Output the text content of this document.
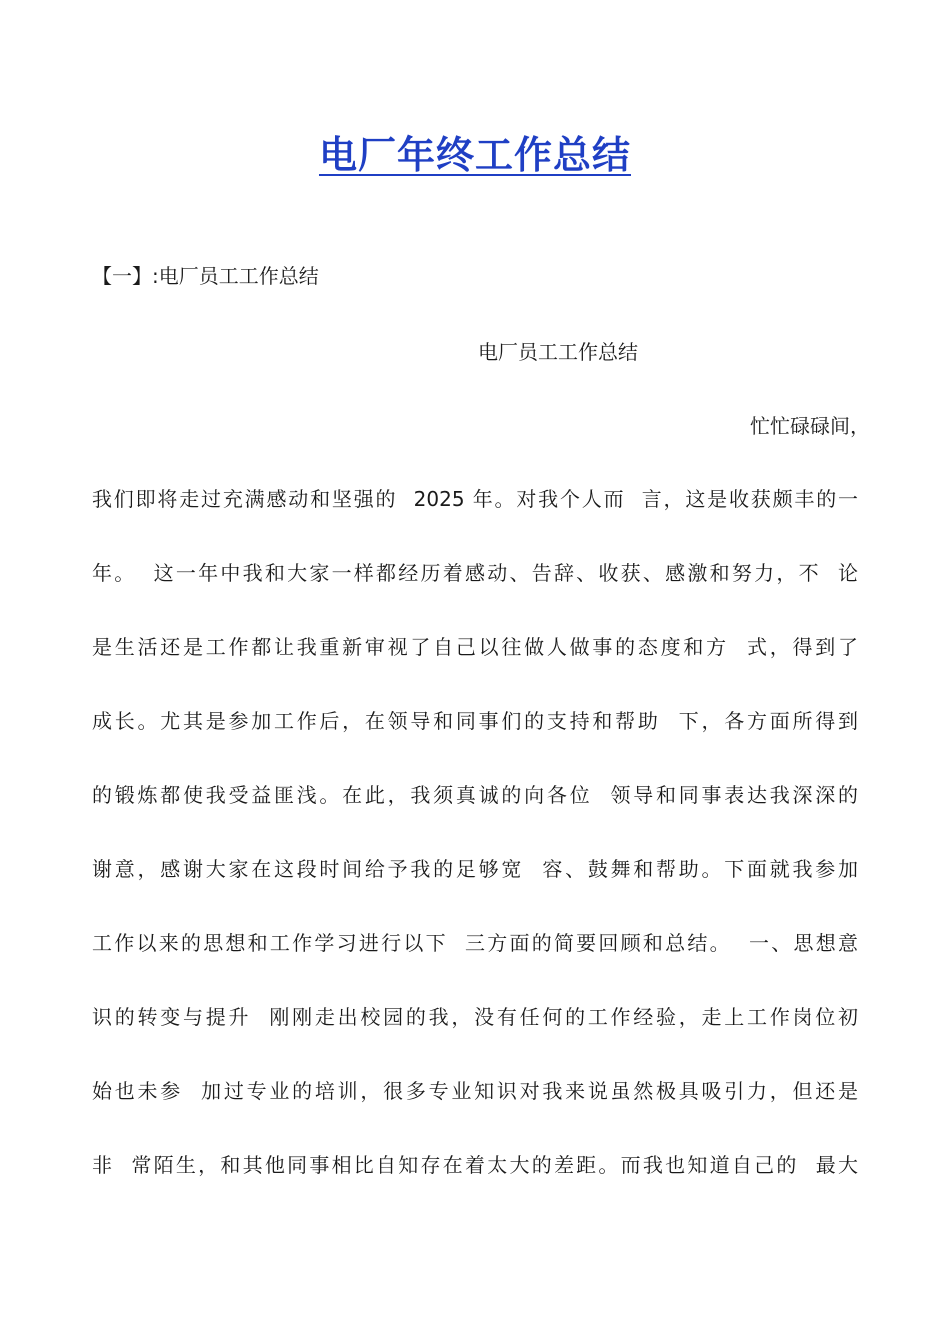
电厂年终工作总结

【一】:电厂员工工作总结

电厂员工工作总结

忙忙碌碌间，

我们即将走过充满感动和坚强的  2025 年。对我个人而  言，这是收获颇丰的一
年。  这一年中我和大家一样都经历着感动、告辞、收获、感激和努力，不  论
是生活还是工作都让我重新审视了自己以往做人做事的态度和方  式，得到了
成长。尤其是参加工作后，在领导和同事们的支持和帮助  下，各方面所得到
的锻炼都使我受益匪浅。在此，我须真诚的向各位  领导和同事表达我深深的
谢意，感谢大家在这段时间给予我的足够宽  容、鼓舞和帮助。下面就我参加
工作以来的思想和工作学习进行以下  三方面的简要回顾和总结。  一、思想意
识的转变与提升  刚刚走出校园的我，没有任何的工作经验，走上工作岗位初
始也未参  加过专业的培训，很多专业知识对我来说虽然极具吸引力，但还是
非  常陌生，和其他同事相比自知存在着太大的差距。而我也知道自己的  最大
